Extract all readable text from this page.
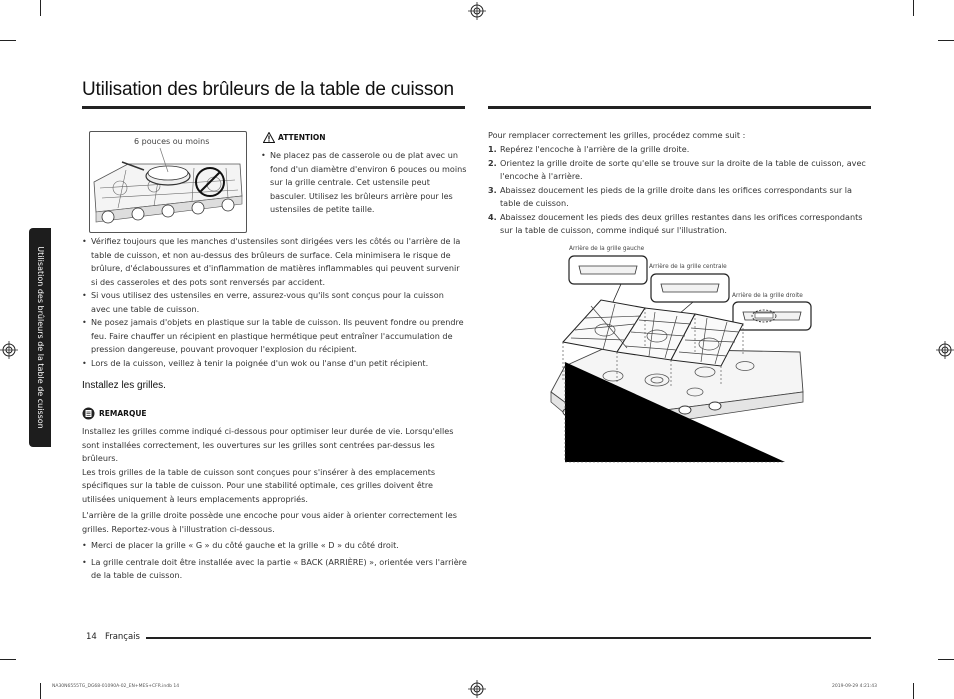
Utilisation des brûleurs de la table de cuisson
Utilisation des brûleurs de la table de cuisson
6 pouces ou moins	ATTENTION
• Ne placez pas de casserole ou de plat avec un fond d'un diamètre d'environ 6 pouces ou moins sur la grille centrale. Cet ustensile peut basculer. Utilisez les brûleurs arrière pour les ustensiles de petite taille.
• Vérifiez toujours que les manches d'ustensiles sont dirigées vers les côtés ou l'arrière de la table de cuisson, et non au-dessus des brûleurs de surface. Cela minimisera le risque de brûlure, d'éclaboussures et d'inflammation de matières inflammables qui peuvent survenir si des casseroles et des pots sont renversés par accident.
• Si vous utilisez des ustensiles en verre, assurez-vous qu'ils sont conçus pour la cuisson avec une table de cuisson.
• Ne posez jamais d'objets en plastique sur la table de cuisson. Ils peuvent fondre ou prendre feu. Faire chauffer un récipient en plastique hermétique peut entraîner l'accumulation de pression dangereuse, pouvant provoquer l'explosion du récipient.
• Lors de la cuisson, veillez à tenir la poignée d'un wok ou l'anse d'un petit récipient.
Installez les grilles.
REMARQUE
Installez les grilles comme indiqué ci-dessous pour optimiser leur durée de vie. Lorsqu'elles sont installées correctement, les ouvertures sur les grilles sont centrées par-dessus les brûleurs.
Les trois grilles de la table de cuisson sont conçues pour s'insérer à des emplacements spécifiques sur la table de cuisson. Pour une stabilité optimale, ces grilles doivent être utilisées uniquement à leurs emplacements appropriés.
L'arrière de la grille droite possède une encoche pour vous aider à orienter correctement les grilles. Reportez-vous à l'illustration ci-dessous.
• Merci de placer la grille « G » du côté gauche et la grille « D » du côté droit.
• La grille centrale doit être installée avec la partie « BACK (ARRIÈRE) », orientée vers l'arrière de la table de cuisson.
Pour remplacer correctement les grilles, procédez comme suit :
1. Repérez l'encoche à l'arrière de la grille droite.
2. Orientez la grille droite de sorte qu'elle se trouve sur la droite de la table de cuisson, avec l'encoche à l'arrière.
3. Abaissez doucement les pieds de la grille droite dans les orifices correspondants sur la table de cuisson.
4. Abaissez doucement les pieds des deux grilles restantes dans les orifices correspondants sur la table de cuisson, comme indiqué sur l'illustration.
Arrière de la grille gauche
Arrière de la grille centrale
Arrière de la grille droite
14 Français
NA30N6555TG_DG68-01090A-02_EN+MES+CFR.indb 14	2019-09-29 4:21:43
